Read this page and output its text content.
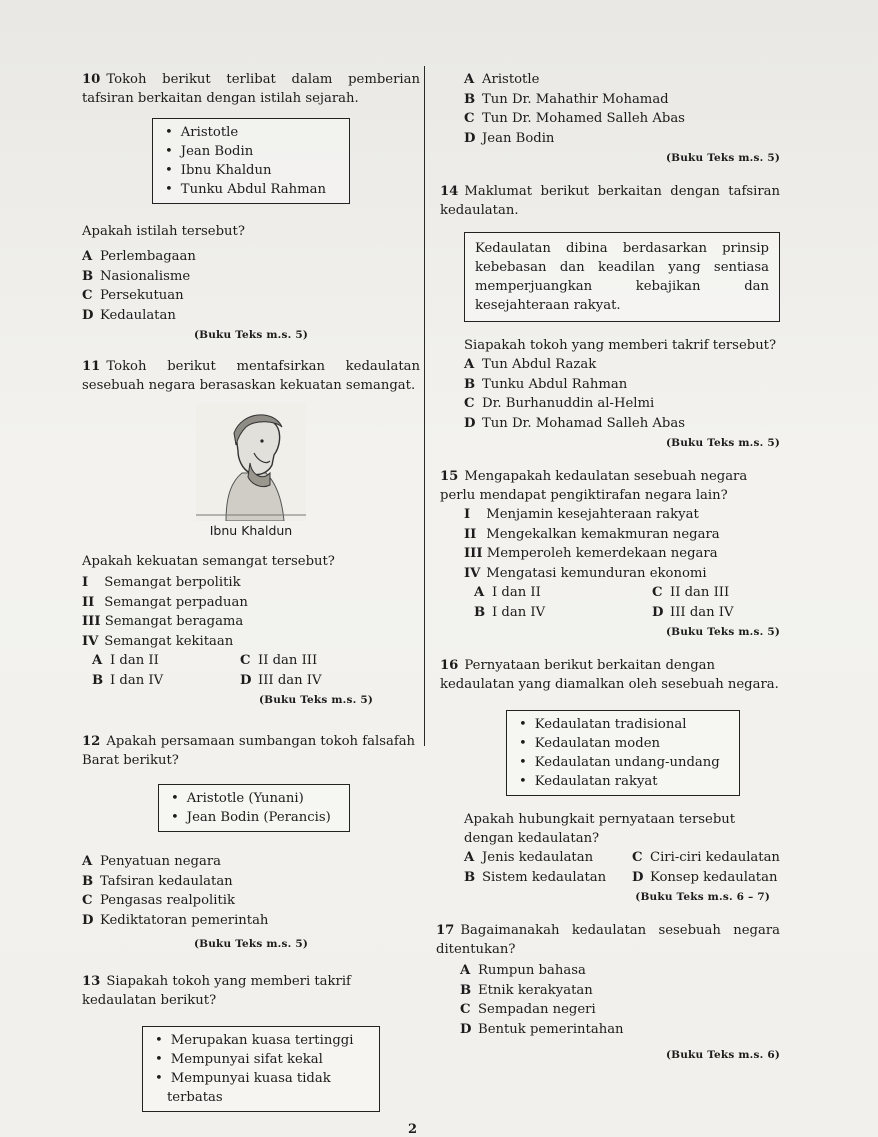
10 Tokoh berikut terlibat dalam pemberian tafsiran berkaitan dengan istilah sejarah.

• Aristotle
• Jean Bodin
• Ibnu Khaldun
• Tunku Abdul Rahman
Apakah istilah tersebut?
A Perlembagaan
B Nasionalisme
C Persekutuan
D Kedaulatan
(Buku Teks m.s. 5)

11 Tokoh berikut mentafsirkan kedaulatan sesebuah negara berasaskan kekuatan semangat.

Ibnu Khaldun
Apakah kekuatan semangat tersebut?
I Semangat berpolitik
II Semangat perpaduan
III Semangat beragama
IV Semangat kekitaan
A I dan II	C II dan III
B I dan IV	D III dan IV
(Buku Teks m.s. 5)

12 Apakah persamaan sumbangan tokoh falsafah Barat berikut?

• Aristotle (Yunani)
• Jean Bodin (Perancis)
A Penyatuan negara
B Tafsiran kedaulatan
C Pengasas realpolitik
D Kediktatoran pemerintah
(Buku Teks m.s. 5)

13 Siapakah tokoh yang memberi takrif kedaulatan berikut?

• Merupakan kuasa tertinggi
• Mempunyai sifat kekal
• Mempunyai kuasa tidak terbatas
A Aristotle
B Tun Dr. Mahathir Mohamad
C Tun Dr. Mohamed Salleh Abas
D Jean Bodin
(Buku Teks m.s. 5)

14 Maklumat berikut berkaitan dengan tafsiran kedaulatan.

Kedaulatan dibina berdasarkan prinsip kebebasan dan keadilan yang sentiasa memperjuangkan kebajikan dan kesejahteraan rakyat.
Siapakah tokoh yang memberi takrif tersebut?
A Tun Abdul Razak
B Tunku Abdul Rahman
C Dr. Burhanuddin al-Helmi
D Tun Dr. Mohamad Salleh Abas
(Buku Teks m.s. 5)

15 Mengapakah kedaulatan sesebuah negara perlu mendapat pengiktirafan negara lain?

I Menjamin kesejahteraan rakyat
II Mengekalkan kemakmuran negara
III Memperoleh kemerdekaan negara
IV Mengatasi kemunduran ekonomi
A I dan II	C II dan III
B I dan IV	D III dan IV
(Buku Teks m.s. 5)

16 Pernyataan berikut berkaitan dengan kedaulatan yang diamalkan oleh sesebuah negara.

• Kedaulatan tradisional
• Kedaulatan moden
• Kedaulatan undang-undang
• Kedaulatan rakyat
Apakah hubungkait pernyataan tersebut dengan kedaulatan?
A Jenis kedaulatan	C Ciri-ciri kedaulatan
B Sistem kedaulatan	D Konsep kedaulatan
(Buku Teks m.s. 6 – 7)

17 Bagaimanakah kedaulatan sesebuah negara ditentukan?

A Rumpun bahasa
B Etnik kerakyatan
C Sempadan negeri
D Bentuk pemerintahan
(Buku Teks m.s. 6)
2
